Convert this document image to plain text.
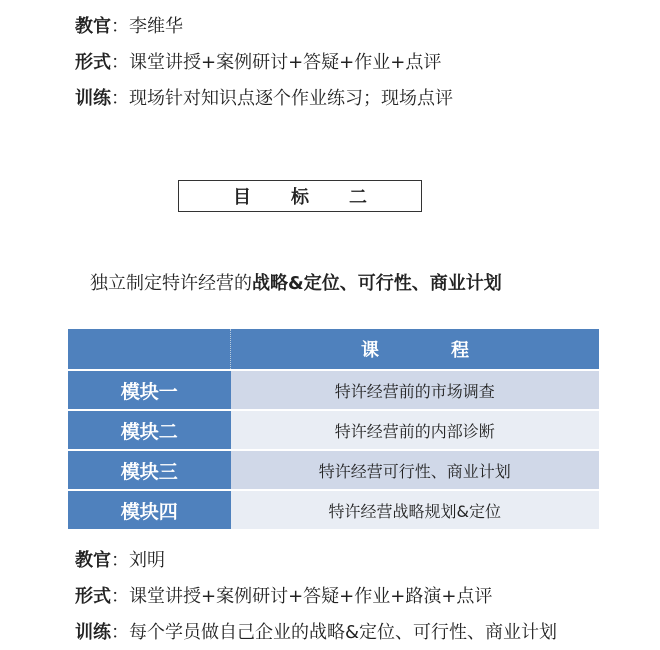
教官：李维华
形式：课堂讲授+案例研讨+答疑+作业+点评
训练：现场针对知识点逐个作业练习；现场点评
目	标	二
独立制定特许经营的战略&定位、可行性、商业计划
	课　　　　程
模块一	特许经营前的市场调查
模块二	特许经营前的内部诊断
模块三	特许经营可行性、商业计划
模块四	特许经营战略规划&定位
教官：刘明
形式：课堂讲授+案例研讨+答疑+作业+路演+点评
训练：每个学员做自己企业的战略&定位、可行性、商业计划
